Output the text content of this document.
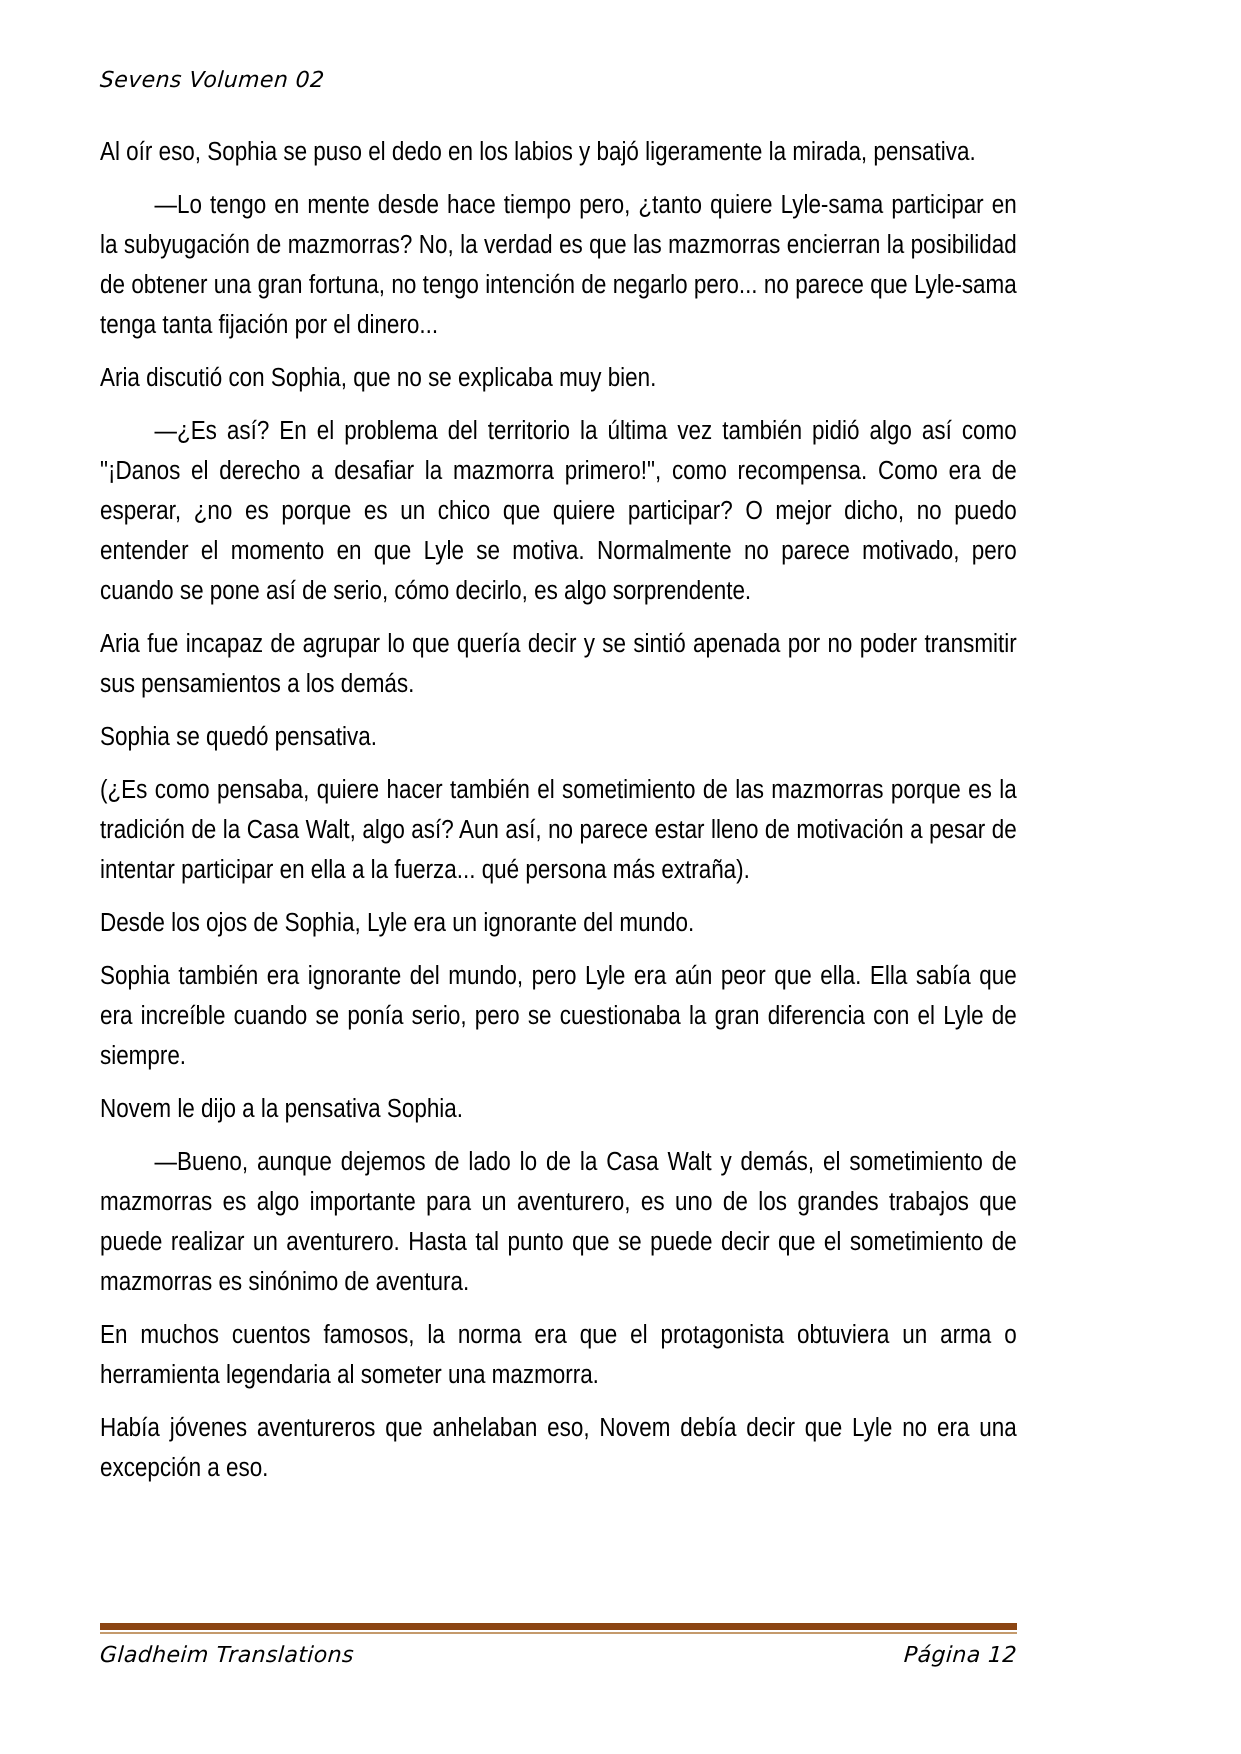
Sevens Volumen 02

Al oír eso, Sophia se puso el dedo en los labios y bajó ligeramente la mirada, pensativa.

—Lo tengo en mente desde hace tiempo pero, ¿tanto quiere Lyle-sama participar en la subyugación de mazmorras? No, la verdad es que las mazmorras encierran la posibilidad de obtener una gran fortuna, no tengo intención de negarlo pero... no parece que Lyle-sama tenga tanta fijación por el dinero...

Aria discutió con Sophia, que no se explicaba muy bien.

—¿Es así? En el problema del territorio la última vez también pidió algo así como "¡Danos el derecho a desafiar la mazmorra primero!", como recompensa. Como era de esperar, ¿no es porque es un chico que quiere participar? O mejor dicho, no puedo entender el momento en que Lyle se motiva. Normalmente no parece motivado, pero cuando se pone así de serio, cómo decirlo, es algo sorprendente.

Aria fue incapaz de agrupar lo que quería decir y se sintió apenada por no poder transmitir sus pensamientos a los demás.

Sophia se quedó pensativa.

(¿Es como pensaba, quiere hacer también el sometimiento de las mazmorras porque es la tradición de la Casa Walt, algo así? Aun así, no parece estar lleno de motivación a pesar de intentar participar en ella a la fuerza... qué persona más extraña).

Desde los ojos de Sophia, Lyle era un ignorante del mundo.

Sophia también era ignorante del mundo, pero Lyle era aún peor que ella. Ella sabía que era increíble cuando se ponía serio, pero se cuestionaba la gran diferencia con el Lyle de siempre.

Novem le dijo a la pensativa Sophia.

—Bueno, aunque dejemos de lado lo de la Casa Walt y demás, el sometimiento de mazmorras es algo importante para un aventurero, es uno de los grandes trabajos que puede realizar un aventurero. Hasta tal punto que se puede decir que el sometimiento de mazmorras es sinónimo de aventura.

En muchos cuentos famosos, la norma era que el protagonista obtuviera un arma o herramienta legendaria al someter una mazmorra.

Había jóvenes aventureros que anhelaban eso, Novem debía decir que Lyle no era una excepción a eso.

Gladheim Translations	Página 12
